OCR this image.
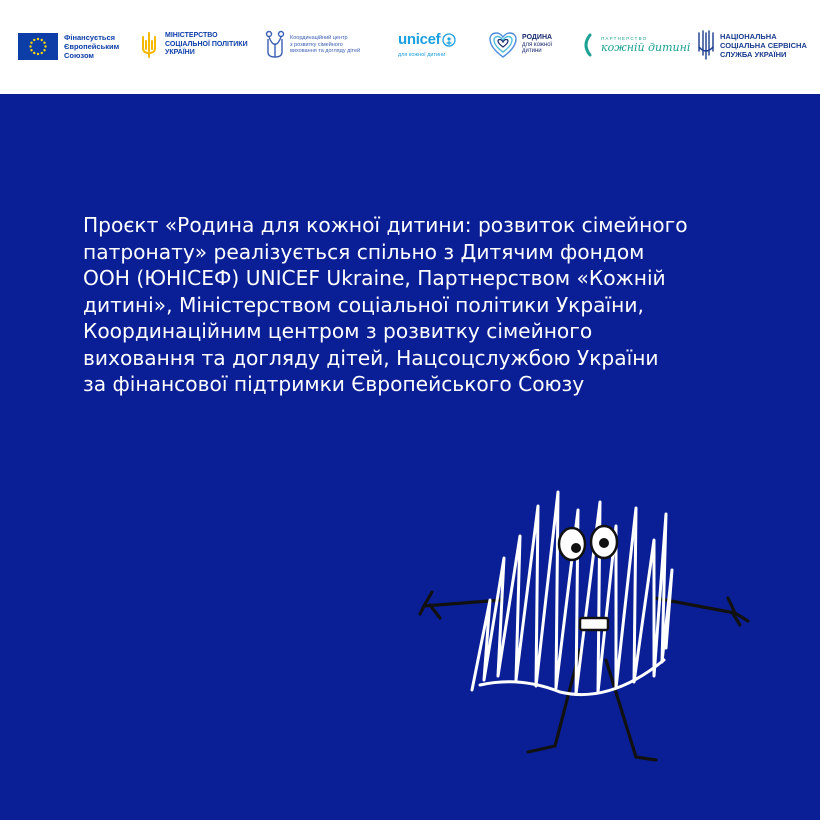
Фінансується
Європейським
Союзом
МІНІСТЕРСТВО
СОЦІАЛЬНОЇ ПОЛІТИКИ
УКРАЇНИ
Координаційний центр
з розвитку сімейного
виховання та догляду дітей
unicef
для кожної дитини
РОДИНА
для кожної
дитини
ПАРТНЕРСТВО
кожній дитині
НАЦІОНАЛЬНА
СОЦІАЛЬНА СЕРВІСНА
СЛУЖБА УКРАЇНИ

Проєкт «Родина для кожної дитини: розвиток сімейного
патронату» реалізується спільно з Дитячим фондом
ООН (ЮНІСЕФ) UNICEF Ukraine, Партнерством «Кожній
дитині», Міністерством соціальної політики України,
Координаційним центром з розвитку сімейного
виховання та догляду дітей, Нацсоцслужбою України
за фінансової підтримки Європейського Союзу
